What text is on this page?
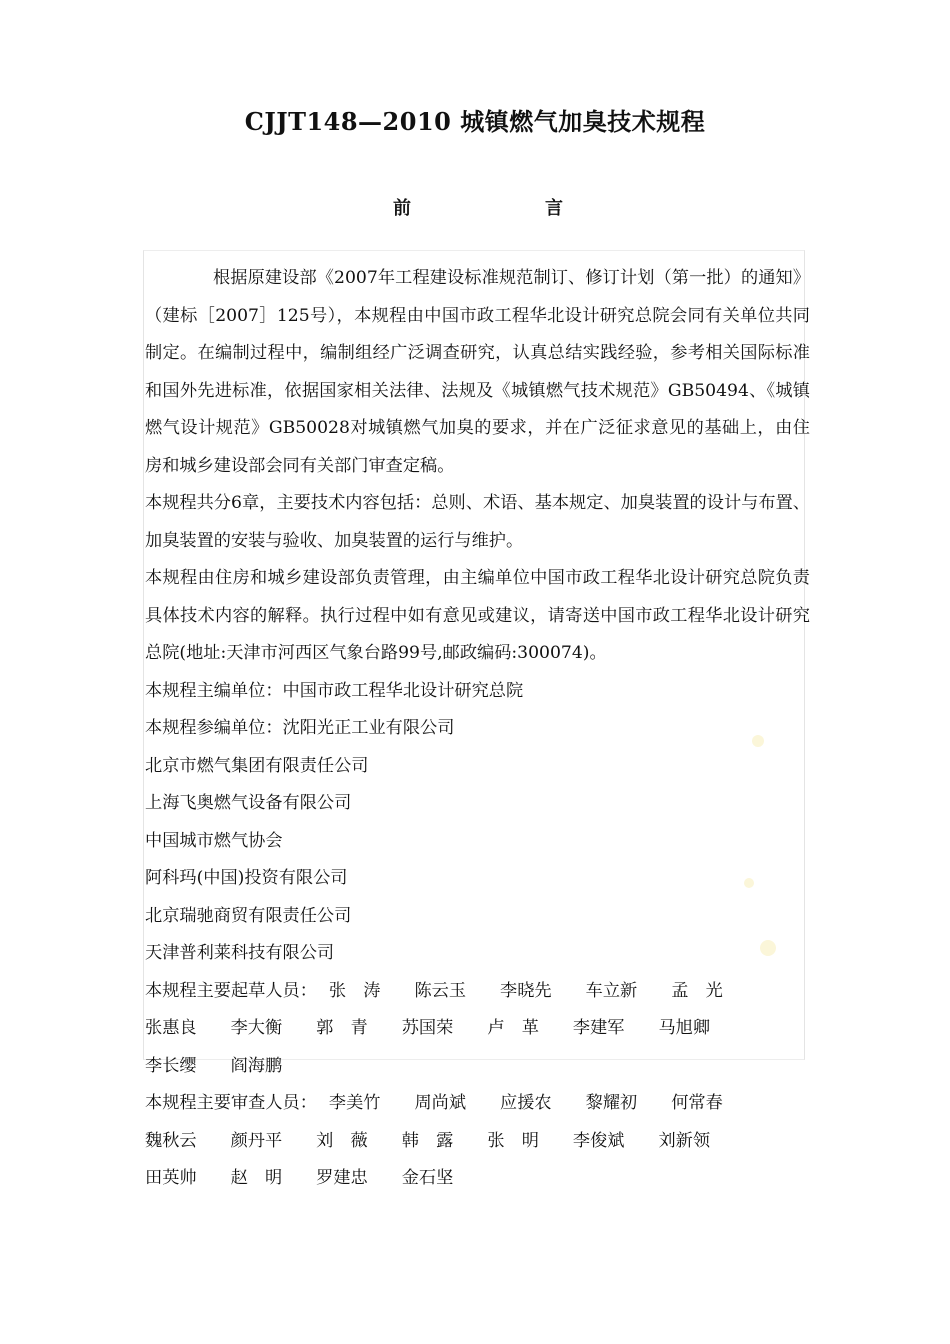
CJJT148—2010 城镇燃气加臭技术规程
前	言

根据原建设部《2007年工程建设标准规范制订、修订计划（第一批）的通知》（建标［2007］125号），本规程由中国市政工程华北设计研究总院会同有关单位共同制定。在编制过程中，编制组经广泛调查研究，认真总结实践经验，参考相关国际标准和国外先进标准，依据国家相关法律、法规及《城镇燃气技术规范》GB50494、《城镇燃气设计规范》GB50028对城镇燃气加臭的要求，并在广泛征求意见的基础上，由住房和城乡建设部会同有关部门审查定稿。

本规程共分6章，主要技术内容包括：总则、术语、基本规定、加臭装置的设计与布置、加臭装置的安装与验收、加臭装置的运行与维护。

本规程由住房和城乡建设部负责管理，由主编单位中国市政工程华北设计研究总院负责具体技术内容的解释。执行过程中如有意见或建议，请寄送中国市政工程华北设计研究总院(地址:天津市河西区气象台路99号,邮政编码:300074)。

本规程主编单位：中国市政工程华北设计研究总院

本规程参编单位：沈阳光正工业有限公司

北京市燃气集团有限责任公司

上海飞奥燃气设备有限公司

中国城市燃气协会

阿科玛(中国)投资有限公司

北京瑞驰商贸有限责任公司

天津普利莱科技有限公司

本规程主要起草人员： 张　涛 陈云玉 李晓先 车立新 孟　光张惠良 李大衡 郭　青 苏国荣 卢　革 李建军 马旭卿李长缨 阎海鹏

本规程主要审查人员： 李美竹 周尚斌 应援农 黎耀初 何常春魏秋云 颜丹平 刘　薇 韩　露 张　明 李俊斌 刘新领田英帅 赵　明 罗建忠 金石坚
